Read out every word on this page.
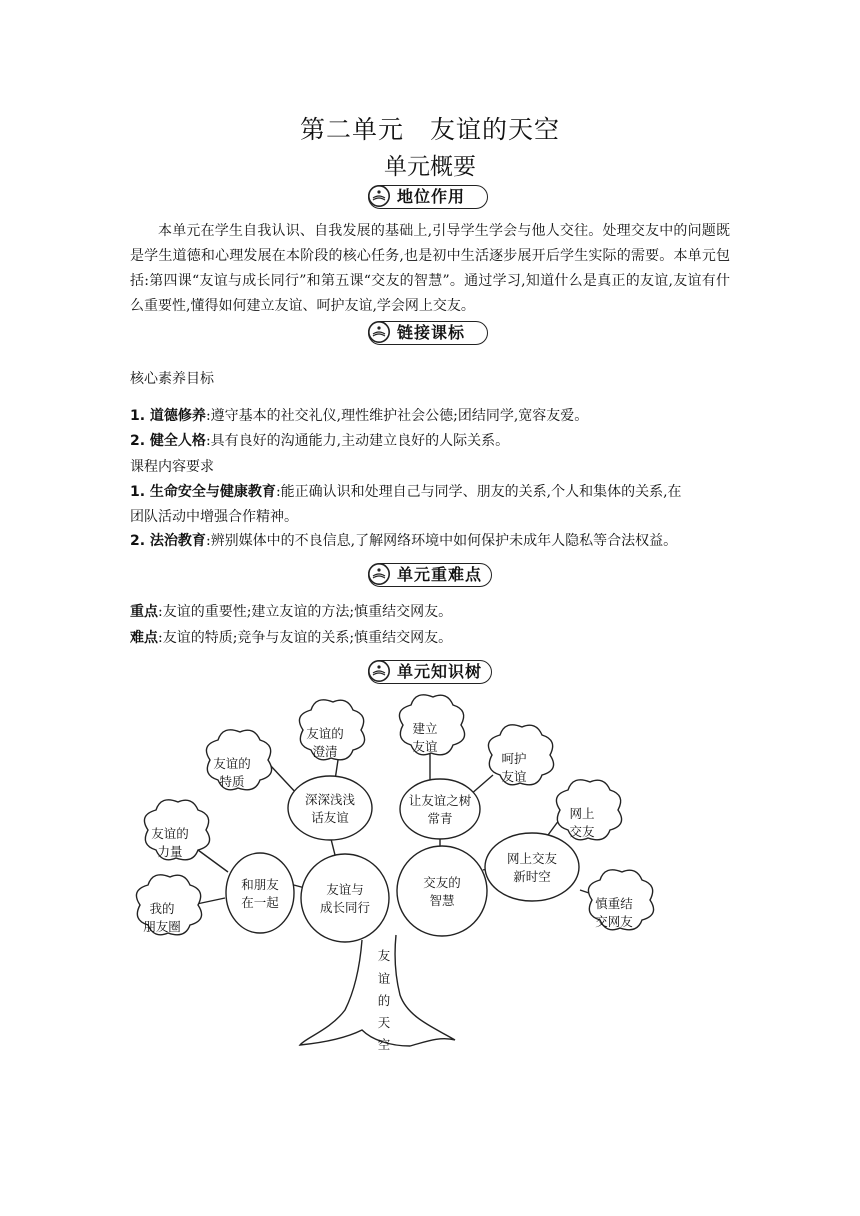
第二单元　友谊的天空
单元概要
地位作用
本单元在学生自我认识、自我发展的基础上,引导学生学会与他人交往。处理交友中的问题既是学生道德和心理发展在本阶段的核心任务,也是初中生活逐步展开后学生实际的需要。本单元包括:第四课“友谊与成长同行”和第五课“交友的智慧”。通过学习,知道什么是真正的友谊,友谊有什么重要性,懂得如何建立友谊、呵护友谊,学会网上交友。
链接课标
核心素养目标
1. 道德修养:遵守基本的社交礼仪,理性维护社会公德;团结同学,宽容友爱。
2. 健全人格:具有良好的沟通能力,主动建立良好的人际关系。
课程内容要求
1. 生命安全与健康教育:能正确认识和处理自己与同学、朋友的关系,个人和集体的关系,在
团队活动中增强合作精神。
2. 法治教育:辨别媒体中的不良信息,了解网络环境中如何保护未成年人隐私等合法权益。
单元重难点
重点:友谊的重要性;建立友谊的方法;慎重结交网友。
难点:友谊的特质;竞争与友谊的关系;慎重结交网友。
单元知识树
友
谊
的
天
空
友谊与成长同行
交友的智慧
和朋友在一起
深深浅浅话友谊
让友谊之树常青
网上交友新时空
我的朋友圈
友谊的力量
友谊的特质
友谊的澄清
建立友谊
呵护友谊
网上交友
慎重结交网友
